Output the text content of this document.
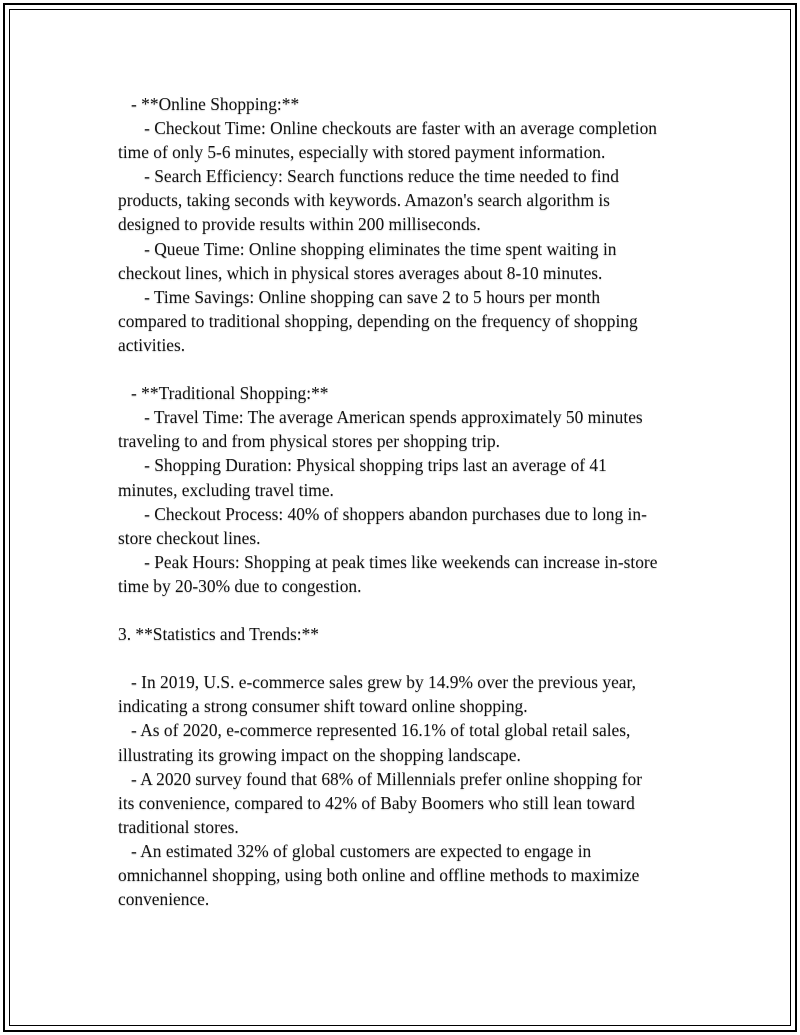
- **Online Shopping:**
- Checkout Time: Online checkouts are faster with an average completion
time of only 5-6 minutes, especially with stored payment information.
- Search Efficiency: Search functions reduce the time needed to find
products, taking seconds with keywords. Amazon's search algorithm is
designed to provide results within 200 milliseconds.
- Queue Time: Online shopping eliminates the time spent waiting in
checkout lines, which in physical stores averages about 8-10 minutes.
- Time Savings: Online shopping can save 2 to 5 hours per month
compared to traditional shopping, depending on the frequency of shopping
activities.
- **Traditional Shopping:**
- Travel Time: The average American spends approximately 50 minutes
traveling to and from physical stores per shopping trip.
- Shopping Duration: Physical shopping trips last an average of 41
minutes, excluding travel time.
- Checkout Process: 40% of shoppers abandon purchases due to long in-
store checkout lines.
- Peak Hours: Shopping at peak times like weekends can increase in-store
time by 20-30% due to congestion.
3. **Statistics and Trends:**
- In 2019, U.S. e-commerce sales grew by 14.9% over the previous year,
indicating a strong consumer shift toward online shopping.
- As of 2020, e-commerce represented 16.1% of total global retail sales,
illustrating its growing impact on the shopping landscape.
- A 2020 survey found that 68% of Millennials prefer online shopping for
its convenience, compared to 42% of Baby Boomers who still lean toward
traditional stores.
- An estimated 32% of global customers are expected to engage in
omnichannel shopping, using both online and offline methods to maximize
convenience.
